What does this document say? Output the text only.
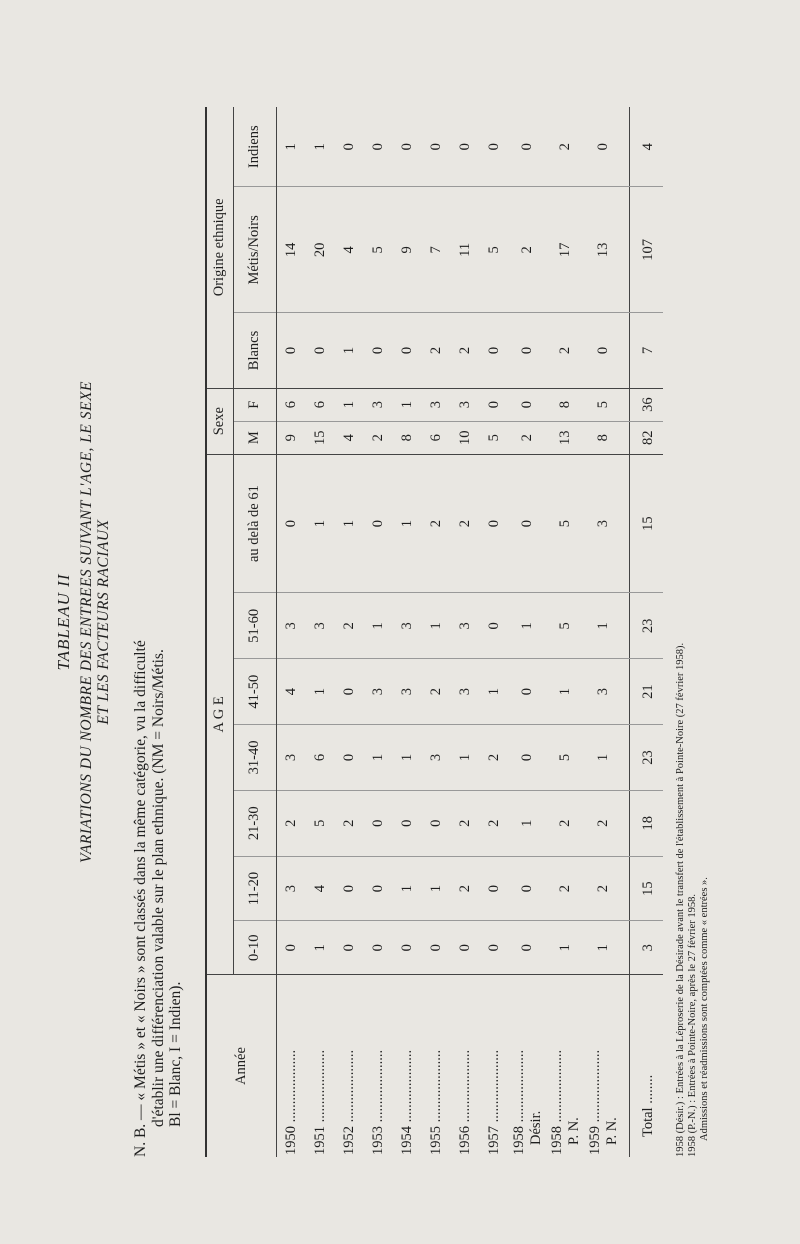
TABLEAU II VARIATIONS DU NOMBRE DES ENTREES SUIVANT L'AGE, LE SEXE ET LES FACTEURS RACIAUX
N. B. — « Métis » et « Noirs » sont classés dans la même catégorie, vu la difficulté d'établir une différenciation valable sur le plan ethnique. (NM = Noirs/Métis. Bl = Blanc, I = Indien).	Année	A G E							Sexe		Origine ethnique		
	0-10	11-20	21-30	31-40	41-50	51-60	au delà de 61	M	F	Blancs	Métis/Noirs	Indiens
1950 ....................	0	3	2	3	4	3	0	9	6	0	14	1
1951 ....................	1	4	5	6	1	3	1	15	6	0	20	1
1952 ....................	0	0	2	0	0	2	1	4	1	1	4	0
1953 ....................	0	0	0	1	3	1	0	2	3	0	5	0
1954 ....................	0	1	0	1	3	3	1	8	1	0	9	0
1955 ....................	0	1	0	3	2	1	2	6	3	2	7	0
1956 ....................	0	2	2	1	3	3	2	10	3	2	11	0
1957 ....................	0	0	2	2	1	0	0	5	0	0	5	0
1958 .................... Désir.	0	0	1	0	0	1	0	2	0	0	2	0
1958 .................... P. N.	1	2	2	5	1	5	5	13	8	2	17	2
1959 .................... P. N.	1	2	2	1	3	1	3	8	5	0	13	0
Total ........	3	15	18	23	21	23	15	82	36	7	107	4
1958 (Désir.) : Entrées à la Léproserie de la Désirade avant le transfert de l'établissement à Pointe-Noire (27 février 1958). 1958 (P.-N.) : Entrées à Pointe-Noire, après le 27 février 1958. Admissions et réadmissions sont comptées comme « entrées ».
